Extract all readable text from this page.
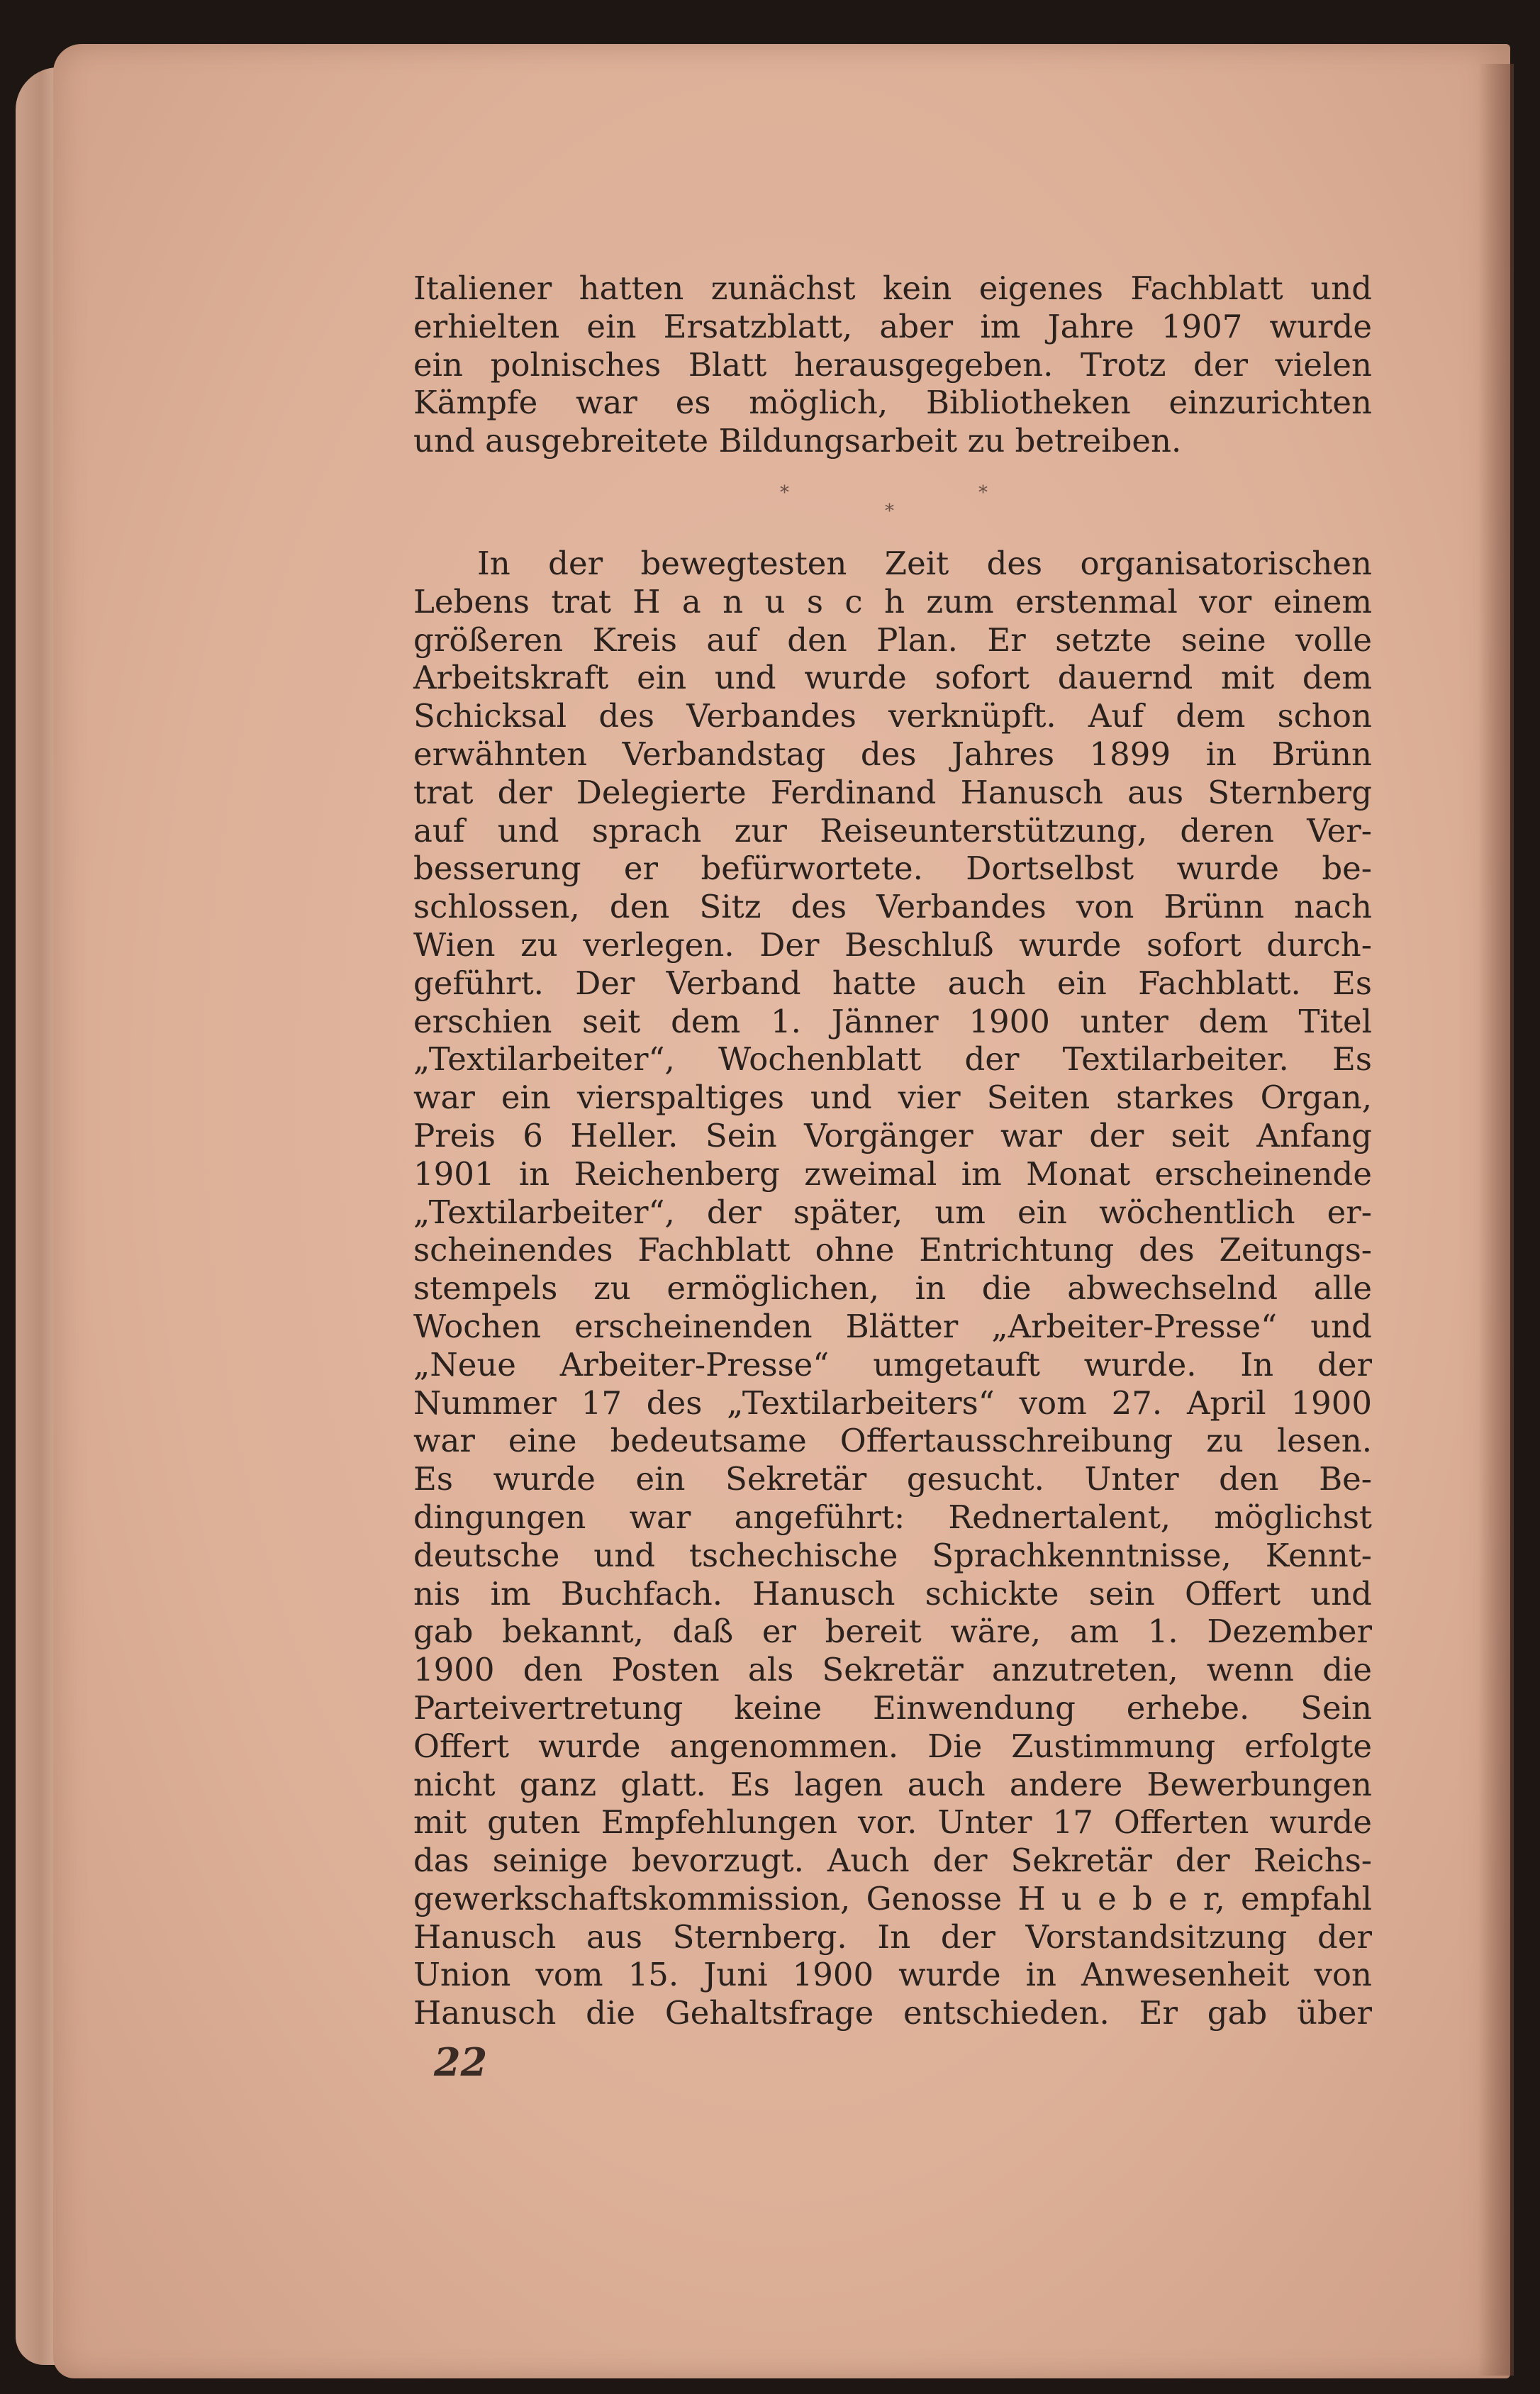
Italiener hatten zunächst kein eigenes Fachblatt und
erhielten ein Ersatzblatt, aber im Jahre 1907 wurde
ein polnisches Blatt herausgegeben. Trotz der vielen
Kämpfe war es möglich, Bibliotheken einzurichten
und ausgebreitete Bildungsarbeit zu betreiben.
*
*
*
In der bewegtesten Zeit des organisatorischen
Lebens trat H a n u s c h zum erstenmal vor einem
größeren Kreis auf den Plan. Er setzte seine volle
Arbeitskraft ein und wurde sofort dauernd mit dem
Schicksal des Verbandes verknüpft. Auf dem schon
erwähnten Verbandstag des Jahres 1899 in Brünn
trat der Delegierte Ferdinand Hanusch aus Sternberg
auf und sprach zur Reiseunterstützung, deren Ver-
besserung er befürwortete. Dortselbst wurde be-
schlossen, den Sitz des Verbandes von Brünn nach
Wien zu verlegen. Der Beschluß wurde sofort durch-
geführt. Der Verband hatte auch ein Fachblatt. Es
erschien seit dem 1. Jänner 1900 unter dem Titel
„Textilarbeiter“, Wochenblatt der Textilarbeiter. Es
war ein vierspaltiges und vier Seiten starkes Organ,
Preis 6 Heller. Sein Vorgänger war der seit Anfang
1901 in Reichenberg zweimal im Monat erscheinende
„Textilarbeiter“, der später, um ein wöchentlich er-
scheinendes Fachblatt ohne Entrichtung des Zeitungs-
stempels zu ermöglichen, in die abwechselnd alle
Wochen erscheinenden Blätter „Arbeiter-Presse“ und
„Neue Arbeiter-Presse“ umgetauft wurde. In der
Nummer 17 des „Textilarbeiters“ vom 27. April 1900
war eine bedeutsame Offertausschreibung zu lesen.
Es wurde ein Sekretär gesucht. Unter den Be-
dingungen war angeführt: Rednertalent, möglichst
deutsche und tschechische Sprachkenntnisse, Kennt-
nis im Buchfach. Hanusch schickte sein Offert und
gab bekannt, daß er bereit wäre, am 1. Dezember
1900 den Posten als Sekretär anzutreten, wenn die
Parteivertretung keine Einwendung erhebe. Sein
Offert wurde angenommen. Die Zustimmung erfolgte
nicht ganz glatt. Es lagen auch andere Bewerbungen
mit guten Empfehlungen vor. Unter 17 Offerten wurde
das seinige bevorzugt. Auch der Sekretär der Reichs-
gewerkschaftskommission, Genosse H u e b e r, empfahl
Hanusch aus Sternberg. In der Vorstandsitzung der
Union vom 15. Juni 1900 wurde in Anwesenheit von
Hanusch die Gehaltsfrage entschieden. Er gab über
22
